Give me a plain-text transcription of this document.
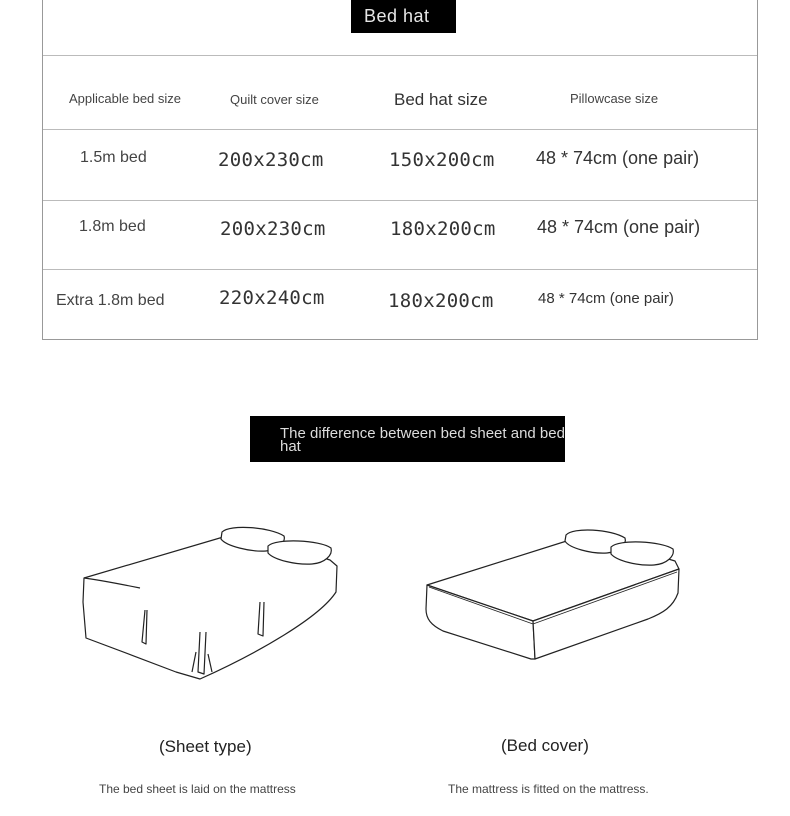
Bed hat
Applicable bed size	Quilt cover size	Bed hat size	Pillowcase size
1.5m bed	200x230cm	150x200cm 48 * 74cm (one pair)
1.8m bed	200x230cm	180x200cm 48 * 74cm (one pair)
Extra 1.8m bed	220x240cm	180x200cm	48 * 74cm (one pair)
The difference between bed sheet and bed hat
(Sheet type)	(Bed cover)
The bed sheet is laid on the mattress	The mattress is fitted on the mattress.
